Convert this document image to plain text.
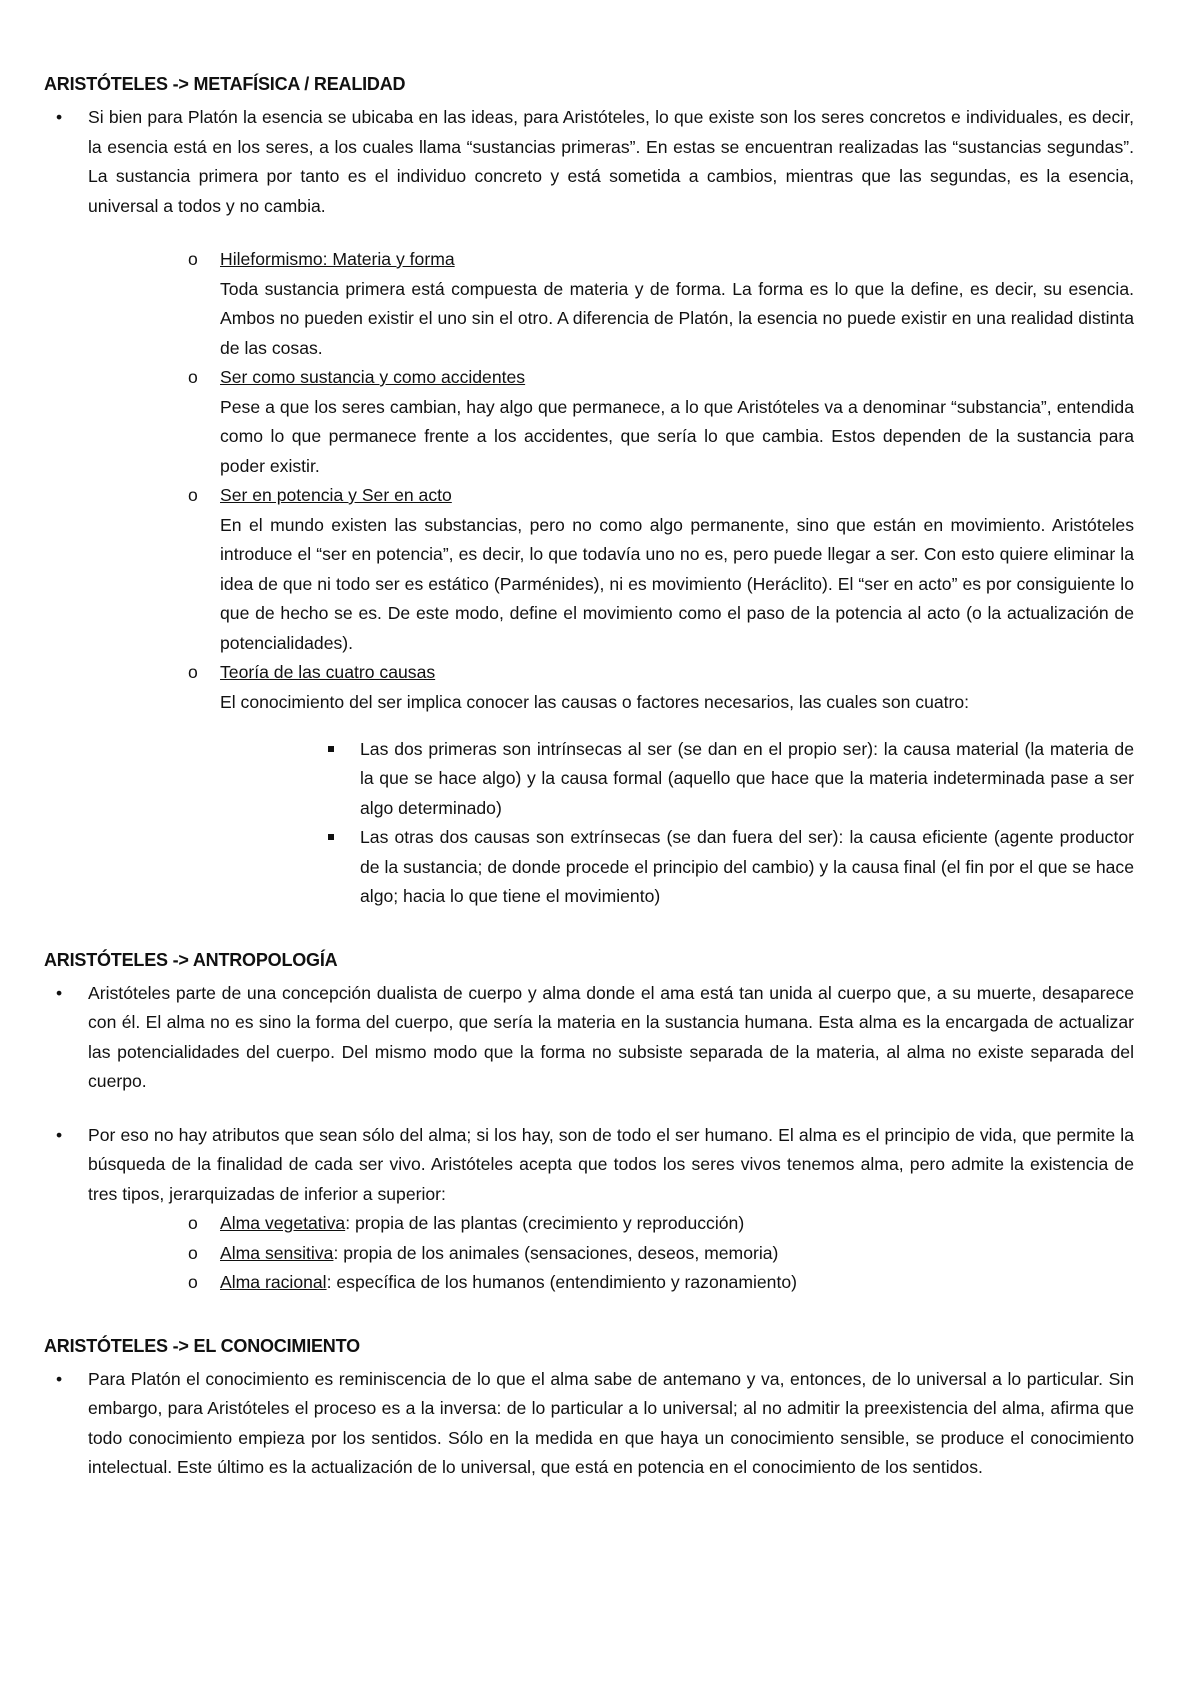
ARISTÓTELES -> METAFÍSICA / REALIDAD

• Si bien para Platón la esencia se ubicaba en las ideas, para Aristóteles, lo que existe son los seres concretos e individuales, es decir, la esencia está en los seres, a los cuales llama “sustancias primeras”. En estas se encuentran realizadas las “sustancias segundas”. La sustancia primera por tanto es el individuo concreto y está sometida a cambios, mientras que las segundas, es la esencia, universal a todos y no cambia.

o Hileformismo: Materia y forma
Toda sustancia primera está compuesta de materia y de forma. La forma es lo que la define, es decir, su esencia. Ambos no pueden existir el uno sin el otro. A diferencia de Platón, la esencia no puede existir en una realidad distinta de las cosas.
o Ser como sustancia y como accidentes
Pese a que los seres cambian, hay algo que permanece, a lo que Aristóteles va a denominar “substancia”, entendida como lo que permanece frente a los accidentes, que sería lo que cambia. Estos dependen de la sustancia para poder existir.
o Ser en potencia y Ser en acto
En el mundo existen las substancias, pero no como algo permanente, sino que están en movimiento. Aristóteles introduce el “ser en potencia”, es decir, lo que todavía uno no es, pero puede llegar a ser. Con esto quiere eliminar la idea de que ni todo ser es estático (Parménides), ni es movimiento (Heráclito). El “ser en acto” es por consiguiente lo que de hecho se es. De este modo, define el movimiento como el paso de la potencia al acto (o la actualización de potencialidades).
o Teoría de las cuatro causas
El conocimiento del ser implica conocer las causas o factores necesarios, las cuales son cuatro:
Las dos primeras son intrínsecas al ser (se dan en el propio ser): la causa material (la materia de la que se hace algo) y la causa formal (aquello que hace que la materia indeterminada pase a ser algo determinado)
Las otras dos causas son extrínsecas (se dan fuera del ser): la causa eficiente (agente productor de la sustancia; de donde procede el principio del cambio) y la causa final (el fin por el que se hace algo; hacia lo que tiene el movimiento)
ARISTÓTELES -> ANTROPOLOGÍA

• Aristóteles parte de una concepción dualista de cuerpo y alma donde el ama está tan unida al cuerpo que, a su muerte, desaparece con él. El alma no es sino la forma del cuerpo, que sería la materia en la sustancia humana. Esta alma es la encargada de actualizar las potencialidades del cuerpo. Del mismo modo que la forma no subsiste separada de la materia, al alma no existe separada del cuerpo.

• Por eso no hay atributos que sean sólo del alma; si los hay, son de todo el ser humano. El alma es el principio de vida, que permite la búsqueda de la finalidad de cada ser vivo. Aristóteles acepta que todos los seres vivos tenemos alma, pero admite la existencia de tres tipos, jerarquizadas de inferior a superior:

o Alma vegetativa: propia de las plantas (crecimiento y reproducción)
o Alma sensitiva: propia de los animales (sensaciones, deseos, memoria)
o Alma racional: específica de los humanos (entendimiento y razonamiento)
ARISTÓTELES -> EL CONOCIMIENTO

• Para Platón el conocimiento es reminiscencia de lo que el alma sabe de antemano y va, entonces, de lo universal a lo particular. Sin embargo, para Aristóteles el proceso es a la inversa: de lo particular a lo universal; al no admitir la preexistencia del alma, afirma que todo conocimiento empieza por los sentidos. Sólo en la medida en que haya un conocimiento sensible, se produce el conocimiento intelectual. Este último es la actualización de lo universal, que está en potencia en el conocimiento de los sentidos.
